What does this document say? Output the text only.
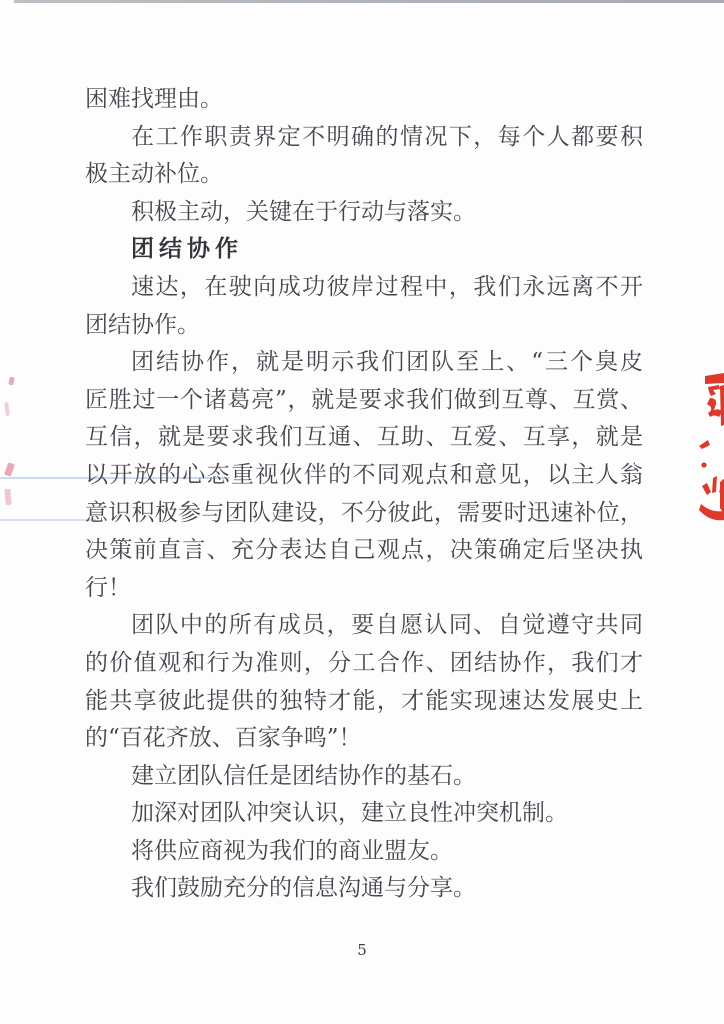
困难找理由。
在工作职责界定不明确的情况下，每个人都要积
极主动补位。
积极主动，关键在于行动与落实。
团结协作
速达，在驶向成功彼岸过程中，我们永远离不开
团结协作。
团结协作，就是明示我们团队至上、“三个臭皮
匠胜过一个诸葛亮”，就是要求我们做到互尊、互赏、
互信，就是要求我们互通、互助、互爱、互享，就是
以开放的心态重视伙伴的不同观点和意见，以主人翁
意识积极参与团队建设，不分彼此，需要时迅速补位，
决策前直言、充分表达自己观点，决策确定后坚决执
行！
团队中的所有成员，要自愿认同、自觉遵守共同
的价值观和行为准则，分工合作、团结协作，我们才
能共享彼此提供的独特才能，才能实现速达发展史上
的“百花齐放、百家争鸣”！
建立团队信任是团结协作的基石。
加深对团队冲突认识，建立良性冲突机制。
将供应商视为我们的商业盟友。
我们鼓励充分的信息沟通与分享。
5
